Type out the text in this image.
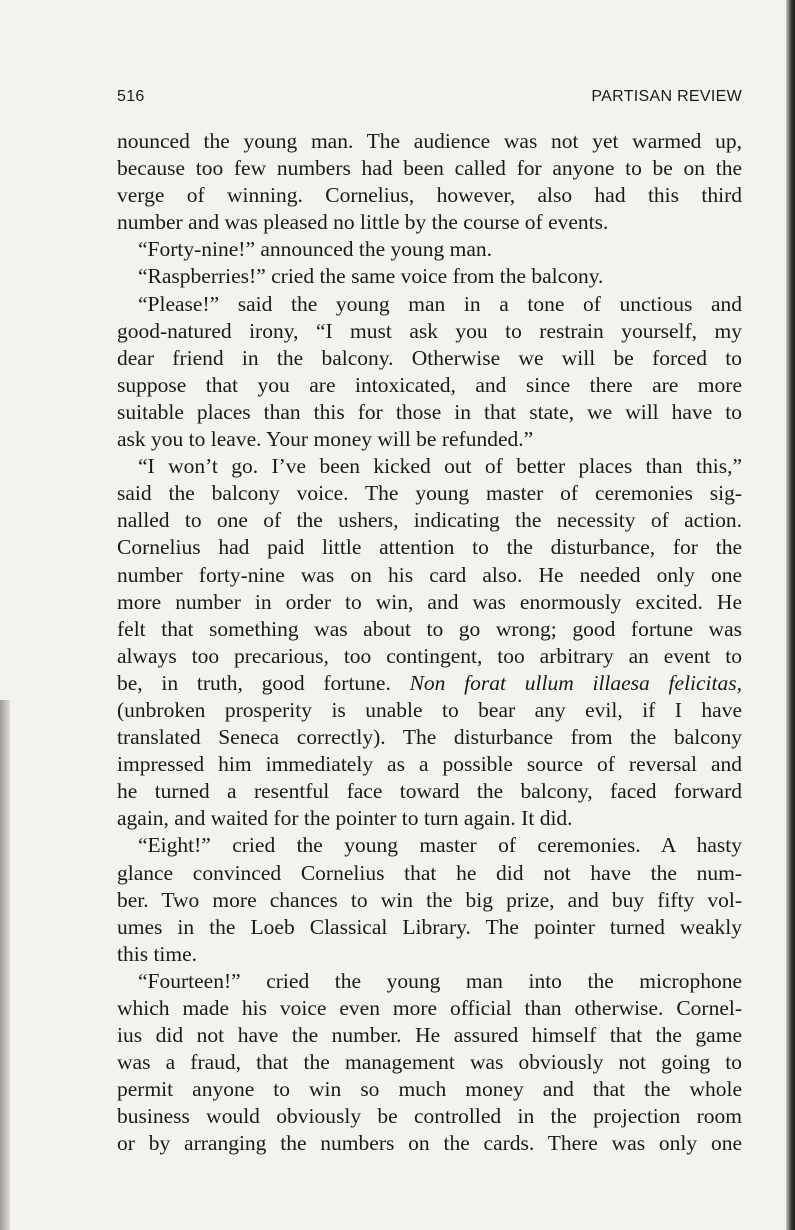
516	PARTISAN REVIEW
nounced the young man. The audience was not yet warmed up,
because too few numbers had been called for anyone to be on the
verge of winning. Cornelius, however, also had this third
number and was pleased no little by the course of events.
“Forty-nine!” announced the young man.
“Raspberries!” cried the same voice from the balcony.
“Please!” said the young man in a tone of unctious and
good-natured irony, “I must ask you to restrain yourself, my
dear friend in the balcony. Otherwise we will be forced to
suppose that you are intoxicated, and since there are more
suitable places than this for those in that state, we will have to
ask you to leave. Your money will be refunded.”
“I won’t go. I’ve been kicked out of better places than this,”
said the balcony voice. The young master of ceremonies sig-
nalled to one of the ushers, indicating the necessity of action.
Cornelius had paid little attention to the disturbance, for the
number forty-nine was on his card also. He needed only one
more number in order to win, and was enormously excited. He
felt that something was about to go wrong; good fortune was
always too precarious, too contingent, too arbitrary an event to
be, in truth, good fortune. Non forat ullum illaesa felicitas,
(unbroken prosperity is unable to bear any evil, if I have
translated Seneca correctly). The disturbance from the balcony
impressed him immediately as a possible source of reversal and
he turned a resentful face toward the balcony, faced forward
again, and waited for the pointer to turn again. It did.
“Eight!” cried the young master of ceremonies. A hasty
glance convinced Cornelius that he did not have the num-
ber. Two more chances to win the big prize, and buy fifty vol-
umes in the Loeb Classical Library. The pointer turned weakly
this time.
“Fourteen!” cried the young man into the microphone
which made his voice even more official than otherwise. Cornel-
ius did not have the number. He assured himself that the game
was a fraud, that the management was obviously not going to
permit anyone to win so much money and that the whole
business would obviously be controlled in the projection room
or by arranging the numbers on the cards. There was only one
